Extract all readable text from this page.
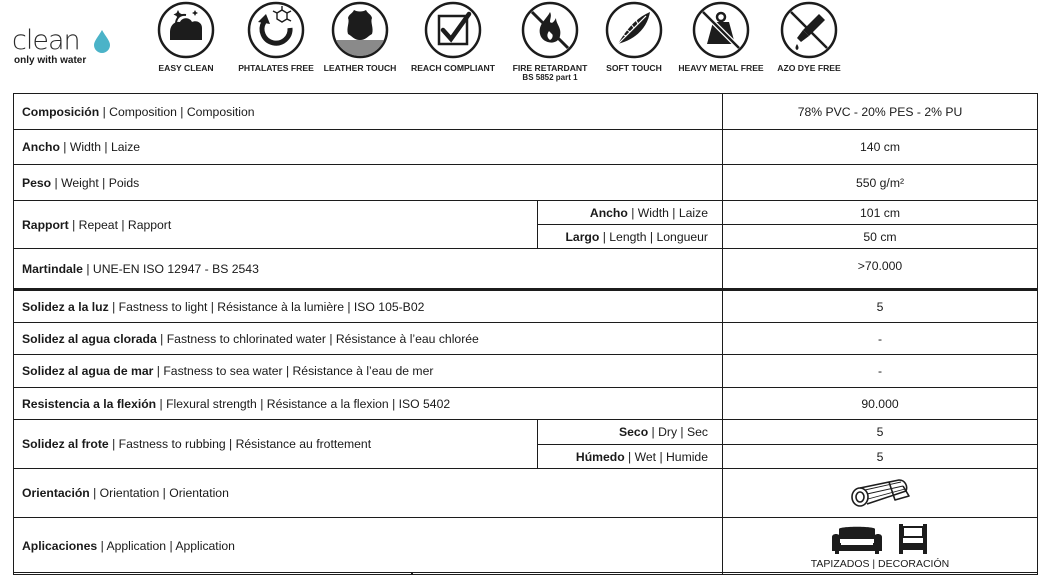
clean
only with water
EASY CLEAN	PHTALATES FREE	LEATHER TOUCH	REACH COMPLIANT	FIRE RETARDANT
BS 5852 part 1
SOFT TOUCH	HEAVY METAL FREE	AZO DYE FREE
Composición | Composition | Composition		78% PVC - 20% PES - 2% PU
Ancho | Width | Laize		140 cm
Peso | Weight | Poids		550 g/m²
Rapport | Repeat | Rapport	Ancho | Width | Laize	101 cm
	Largo | Length | Longueur	50 cm
Martindale | UNE-EN ISO 12947 - BS 2543		>70.000
Solidez a la luz | Fastness to light | Résistance à la lumière | ISO 105-B02		5
Solidez al agua clorada | Fastness to chlorinated water | Résistance à l’eau chlorée		-
Solidez al agua de mar | Fastness to sea water | Résistance à l’eau de mer		-
Resistencia a la flexión | Flexural strength | Résistance a la flexion | ISO 5402		90.000
Solidez al frote | Fastness to rubbing | Résistance au frottement	Seco | Dry | Sec	5
	Húmedo | Wet | Humide	5
Orientación | Orientation | Orientation	
Aplicaciones | Application | Application		TAPIZADOS | DECORACIÓN
